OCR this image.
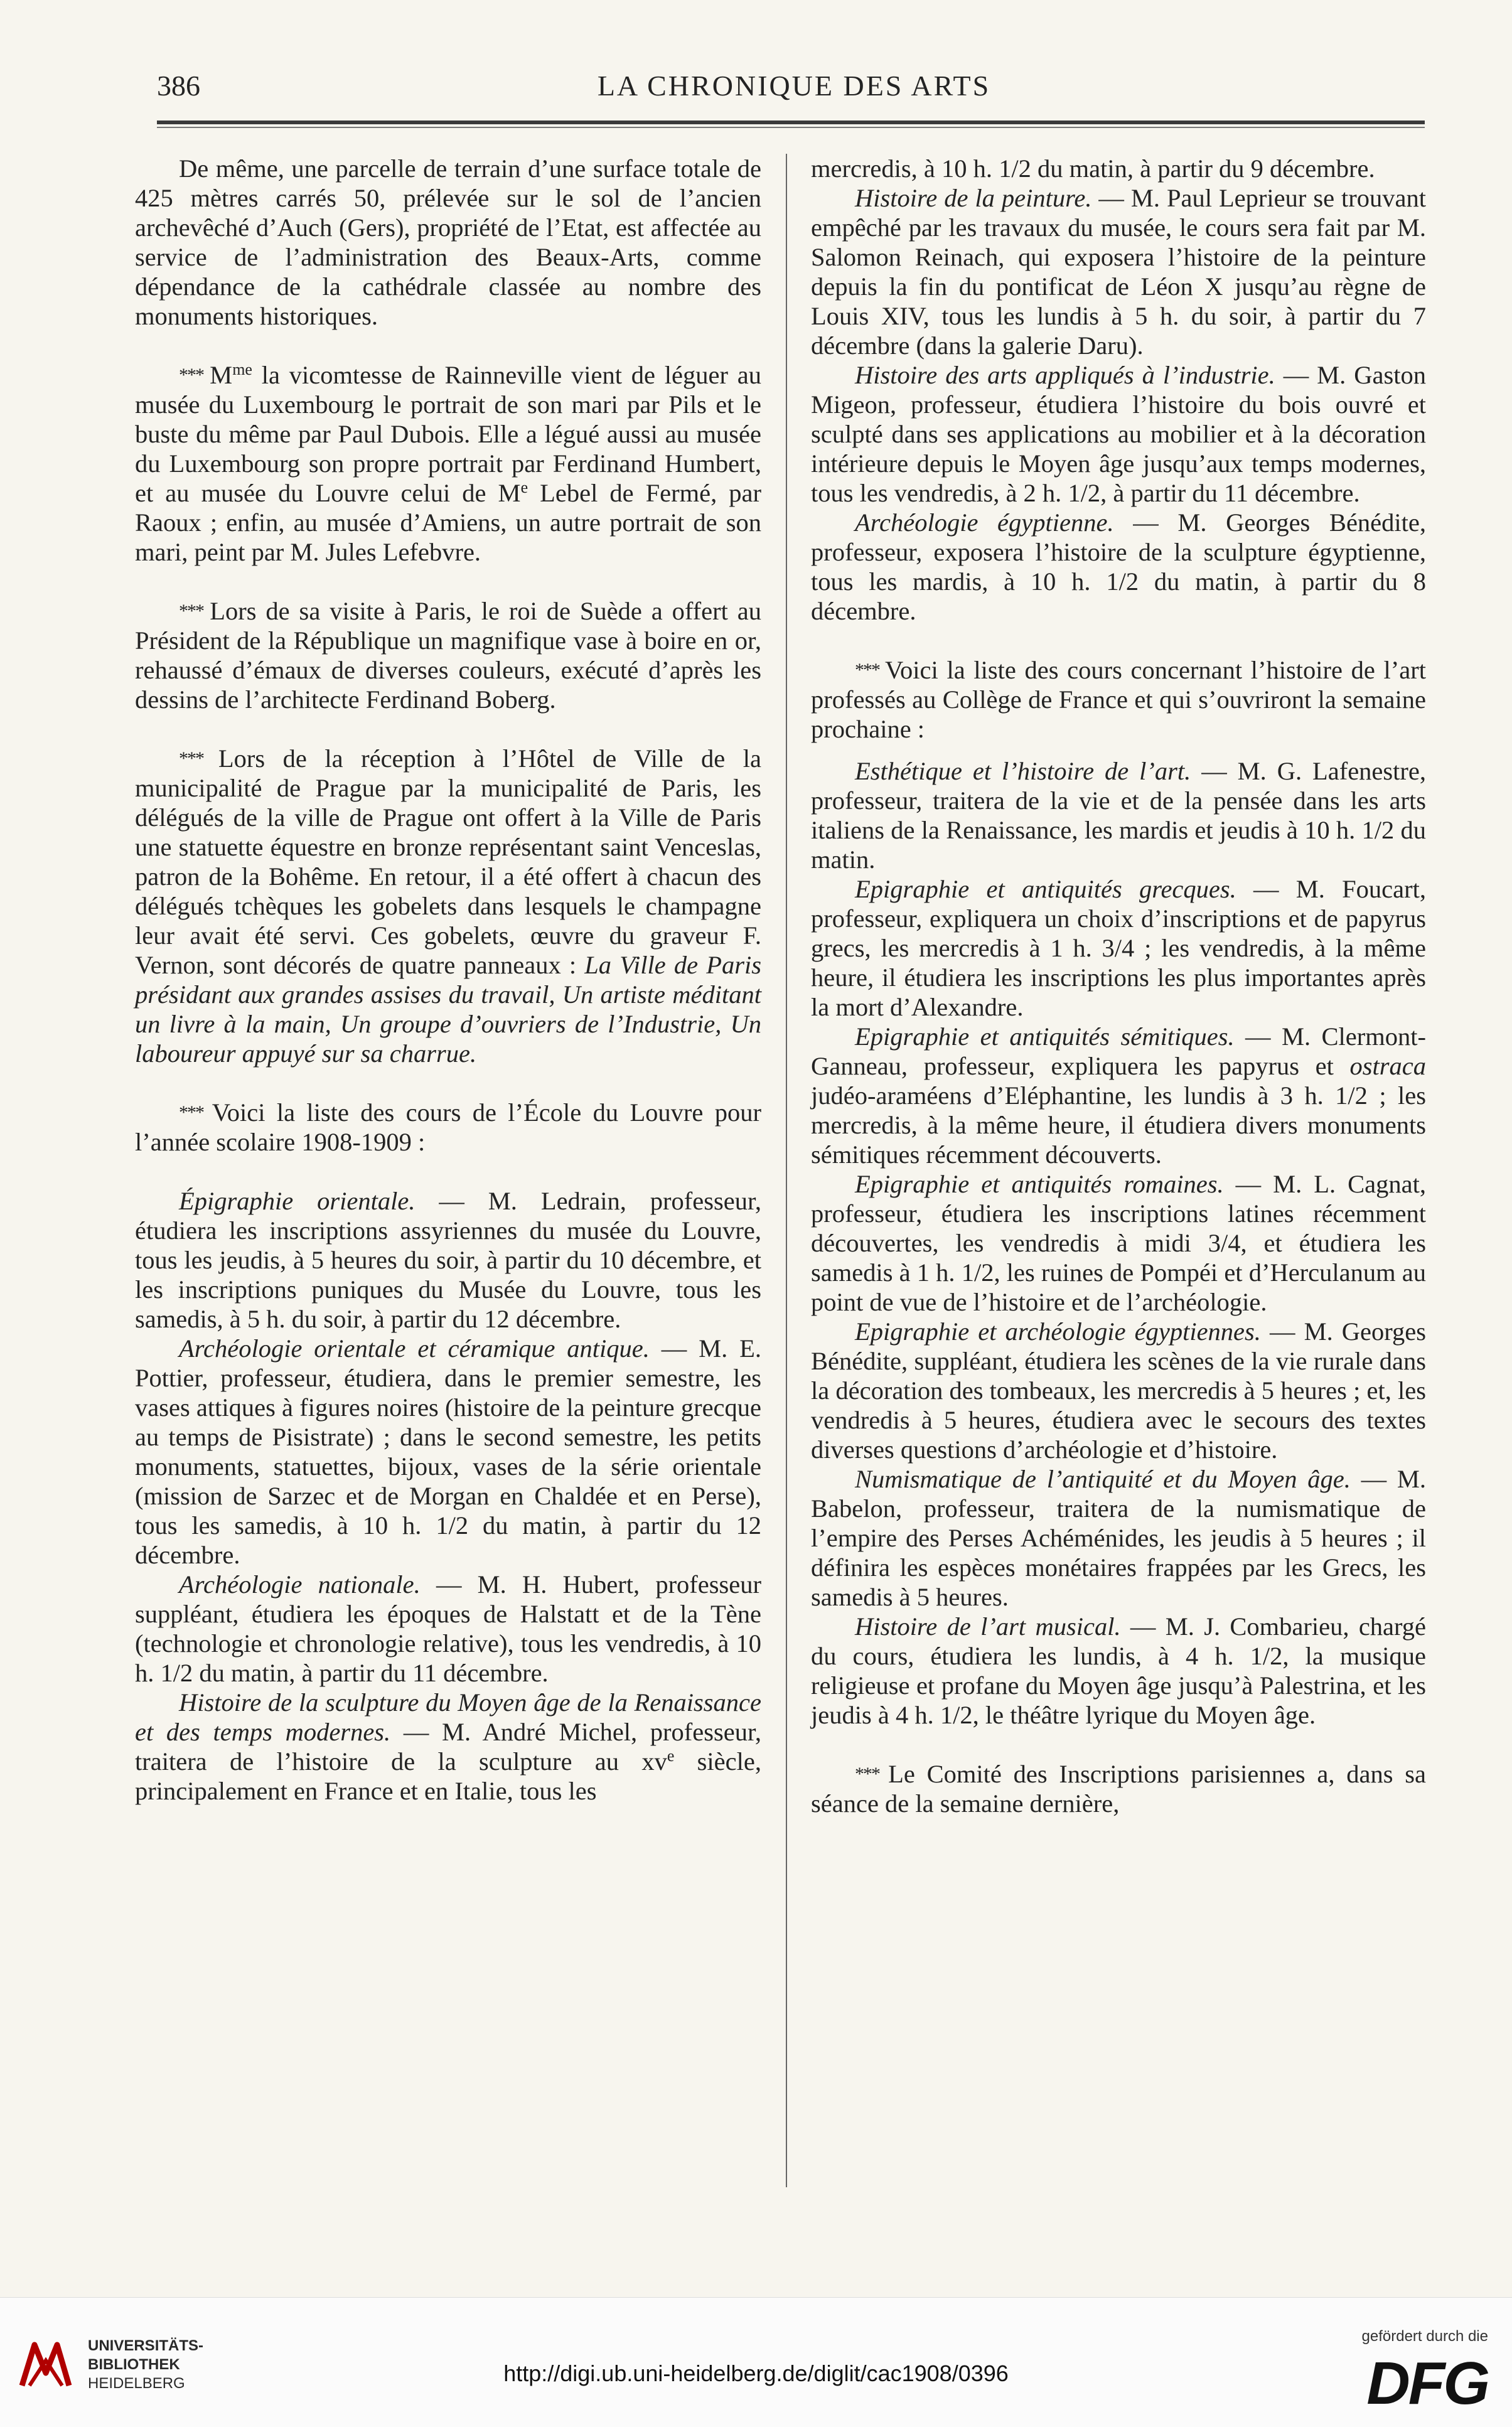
386	LA CHRONIQUE DES ARTS

De même, une parcelle de terrain d’une surface totale de 425 mètres carrés 50, prélevée sur le sol de l’ancien archevêché d’Auch (Gers), propriété de l’Etat, est affectée au service de l’administration des Beaux-Arts, comme dépendance de la cathédrale classée au nombre des monuments historiques.

*** $M^{me}$ la vicomtesse de Rainneville vient de léguer au musée du Luxembourg le portrait de son mari par Pils et le buste du même par Paul Dubois. Elle a légué aussi au musée du Luxembourg son propre portrait par Ferdinand Humbert, et au musée du Louvre celui de Me Lebel de Fermé, par Raoux ; enfin, au musée d’Amiens, un autre portrait de son mari, peint par M. Jules Lefebvre.

*** Lors de sa visite à Paris, le roi de Suède a offert au Président de la République un magnifique vase à boire en or, rehaussé d’émaux de diverses couleurs, exécuté d’après les dessins de l’architecte Ferdinand Boberg.

*** Lors de la réception à l’Hôtel de Ville de la municipalité de Prague par la municipalité de Paris, les délégués de la ville de Prague ont offert à la Ville de Paris une statuette équestre en bronze représentant saint Venceslas, patron de la Bohême. En retour, il a été offert à chacun des délégués tchèques les gobelets dans lesquels le champagne leur avait été servi. Ces gobelets, œuvre du graveur F. Vernon, sont décorés de quatre panneaux : La Ville de Paris présidant aux grandes assises du travail, Un artiste méditant un livre à la main, Un groupe d’ouvriers de l’Industrie, Un laboureur appuyé sur sa charrue.

*** Voici la liste des cours de l’École du Louvre pour l’année scolaire 1908-1909 :

Épigraphie orientale. — M. Ledrain, professeur, étudiera les inscriptions assyriennes du musée du Louvre, tous les jeudis, à 5 heures du soir, à partir du 10 décembre, et les inscriptions puniques du Musée du Louvre, tous les samedis, à 5 h. du soir, à partir du 12 décembre.

Archéologie orientale et céramique antique. — M. E. Pottier, professeur, étudiera, dans le premier semestre, les vases attiques à figures noires (histoire de la peinture grecque au temps de Pisistrate) ; dans le second semestre, les petits monuments, statuettes, bijoux, vases de la série orientale (mission de Sarzec et de Morgan en Chaldée et en Perse), tous les samedis, à 10 h. 1/2 du matin, à partir du 12 décembre.

Archéologie nationale. — M. H. Hubert, professeur suppléant, étudiera les époques de Halstatt et de la Tène (technologie et chronologie relative), tous les vendredis, à 10 h. 1/2 du matin, à partir du 11 décembre.

Histoire de la sculpture du Moyen âge de la Renaissance et des temps modernes. — M. André Michel, professeur, traitera de l’histoire de la sculpture au $xv^e$ siècle, principalement en France et en Italie, tous les

mercredis, à 10 h. 1/2 du matin, à partir du 9 décembre.

Histoire de la peinture. — M. Paul Leprieur se trouvant empêché par les travaux du musée, le cours sera fait par M. Salomon Reinach, qui exposera l’histoire de la peinture depuis la fin du pontificat de Léon X jusqu’au règne de Louis XIV, tous les lundis à 5 h. du soir, à partir du 7 décembre (dans la galerie Daru).

Histoire des arts appliqués à l’industrie. — M. Gaston Migeon, professeur, étudiera l’histoire du bois ouvré et sculpté dans ses applications au mobilier et à la décoration intérieure depuis le Moyen âge jusqu’aux temps modernes, tous les vendredis, à 2 h. 1/2, à partir du 11 décembre.

Archéologie égyptienne. — M. Georges Bénédite, professeur, exposera l’histoire de la sculpture égyptienne, tous les mardis, à 10 h. 1/2 du matin, à partir du 8 décembre.

*** Voici la liste des cours concernant l’histoire de l’art professés au Collège de France et qui s’ouvriront la semaine prochaine :

Esthétique et l’histoire de l’art. — M. G. Lafenestre, professeur, traitera de la vie et de la pensée dans les arts italiens de la Renaissance, les mardis et jeudis à 10 h. 1/2 du matin.

Epigraphie et antiquités grecques. — M. Foucart, professeur, expliquera un choix d’inscriptions et de papyrus grecs, les mercredis à 1 h. 3/4 ; les vendredis, à la même heure, il étudiera les inscriptions les plus importantes après la mort d’Alexandre.

Epigraphie et antiquités sémitiques. — M. Clermont-Ganneau, professeur, expliquera les papyrus et ostraca judéo-araméens d’Eléphantine, les lundis à 3 h. 1/2 ; les mercredis, à la même heure, il étudiera divers monuments sémitiques récemment découverts.

Epigraphie et antiquités romaines. — M. L. Cagnat, professeur, étudiera les inscriptions latines récemment découvertes, les vendredis à midi 3/4, et étudiera les samedis à 1 h. 1/2, les ruines de Pompéi et d’Herculanum au point de vue de l’histoire et de l’archéologie.

Epigraphie et archéologie égyptiennes. — M. Georges Bénédite, suppléant, étudiera les scènes de la vie rurale dans la décoration des tombeaux, les mercredis à 5 heures ; et, les vendredis à 5 heures, étudiera avec le secours des textes diverses questions d’archéologie et d’histoire.

Numismatique de l’antiquité et du Moyen âge. — M. Babelon, professeur, traitera de la numismatique de l’empire des Perses Achéménides, les jeudis à 5 heures ; il définira les espèces monétaires frappées par les Grecs, les samedis à 5 heures.

Histoire de l’art musical. — M. J. Combarieu, chargé du cours, étudiera les lundis, à 4 h. 1/2, la musique religieuse et profane du Moyen âge jusqu’à Palestrina, et les jeudis à 4 h. 1/2, le théâtre lyrique du Moyen âge.

*** Le Comité des Inscriptions parisiennes a, dans sa séance de la semaine dernière,

UNIVERSITÄTS-
BIBLIOTHEK
HEIDELBERG	http://digi.ub.uni-heidelberg.de/diglit/cac1908/0396
gefördert durch die
DFG
